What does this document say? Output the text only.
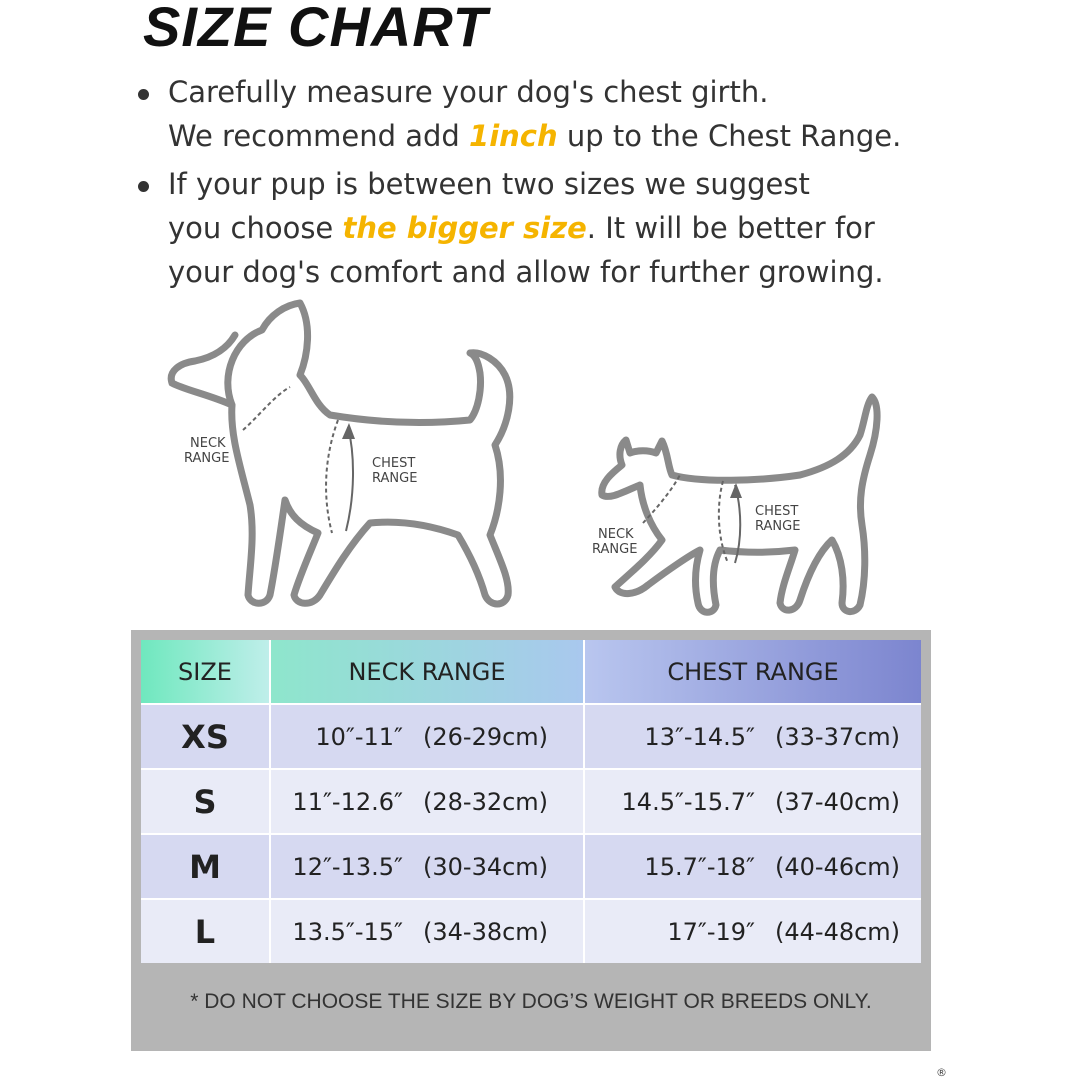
SIZE CHART
Carefully measure your dog's chest girth.
We recommend add 1inch up to the Chest Range.
If your pup is between two sizes we suggest
you choose the bigger size. It will be better for
your dog's comfort and allow for further growing.
NECK
RANGE	CHEST
RANGE
NECK
RANGE
CHEST
RANGE
SIZE	NECK RANGE	CHEST RANGE
XS	10″-11″ (26-29cm)	13″-14.5″ (33-37cm)
S	11″-12.6″ (28-32cm)	14.5″-15.7″ (37-40cm)
M	12″-13.5″ (30-34cm)	15.7″-18″ (40-46cm)
L	13.5″-15″ (34-38cm)	17″-19″ (44-48cm)
* DO NOT CHOOSE THE SIZE BY DOG’S WEIGHT OR BREEDS ONLY.
®
